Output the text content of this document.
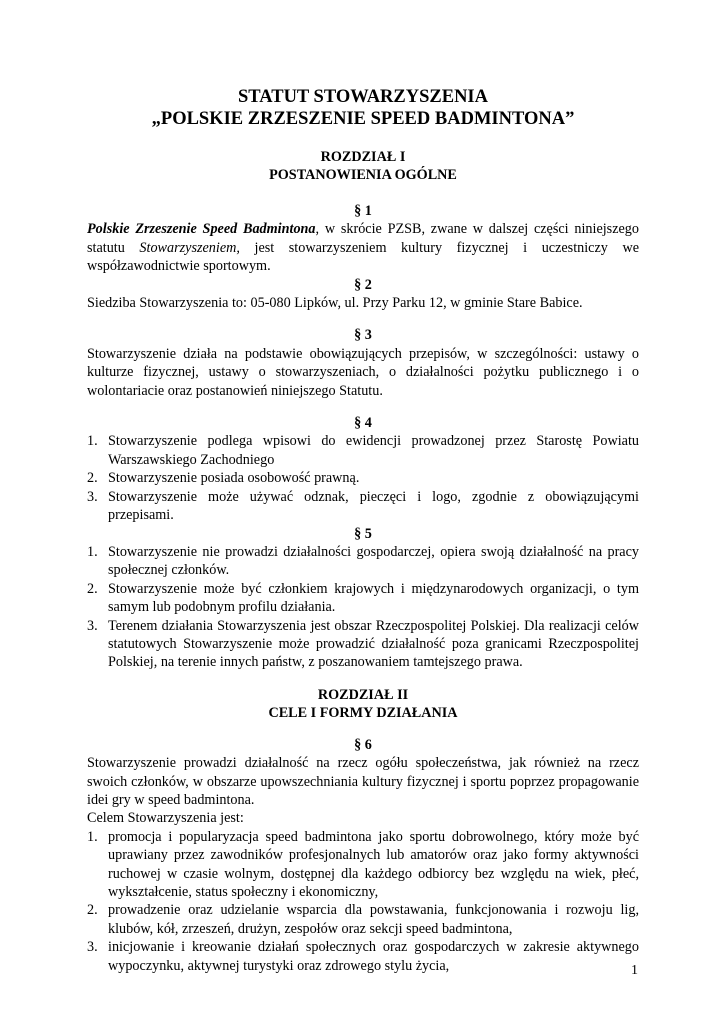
STATUT STOWARZYSZENIA

„POLSKIE ZRZESZENIE SPEED BADMINTONA”

ROZDZIAŁ I

POSTANOWIENIA OGÓLNE

§ 1

Polskie Zrzeszenie Speed Badmintona, w skrócie PZSB, zwane w dalszej części niniejszego statutu Stowarzyszeniem, jest stowarzyszeniem kultury fizycznej i uczestniczy we współzawodnictwie sportowym.

§ 2

Siedziba Stowarzyszenia to: 05-080 Lipków, ul. Przy Parku 12, w gminie Stare Babice.

§ 3

Stowarzyszenie działa na podstawie obowiązujących przepisów, w szczególności: ustawy o kulturze fizycznej, ustawy o stowarzyszeniach, o działalności pożytku publicznego i o wolontariacie oraz postanowień niniejszego Statutu.

§ 4

1. Stowarzyszenie podlega wpisowi do ewidencji prowadzonej przez Starostę Powiatu Warszawskiego Zachodniego
2. Stowarzyszenie posiada osobowość prawną.
3. Stowarzyszenie może używać odznak, pieczęci i logo, zgodnie z obowiązującymi przepisami.

§ 5

1. Stowarzyszenie nie prowadzi działalności gospodarczej, opiera swoją działalność na pracy społecznej członków.
2. Stowarzyszenie może być członkiem krajowych i międzynarodowych organizacji, o tym samym lub podobnym profilu działania.
3. Terenem działania Stowarzyszenia jest obszar Rzeczpospolitej Polskiej. Dla realizacji celów statutowych Stowarzyszenie może prowadzić działalność poza granicami Rzeczpospolitej Polskiej, na terenie innych państw, z poszanowaniem tamtejszego prawa.

ROZDZIAŁ II

CELE I FORMY DZIAŁANIA

§ 6

Stowarzyszenie prowadzi działalność na rzecz ogółu społeczeństwa, jak również na rzecz swoich członków, w obszarze upowszechniania kultury fizycznej i sportu poprzez propagowanie idei gry w speed badmintona.

Celem Stowarzyszenia jest:

1. promocja i popularyzacja speed badmintona jako sportu dobrowolnego, który może być uprawiany przez zawodników profesjonalnych lub amatorów oraz jako formy aktywności ruchowej w czasie wolnym, dostępnej dla każdego odbiorcy bez względu na wiek, płeć, wykształcenie, status społeczny i ekonomiczny,
2. prowadzenie oraz udzielanie wsparcia dla powstawania, funkcjonowania i rozwoju lig, klubów, kół, zrzeszeń, drużyn, zespołów oraz sekcji speed badmintona,
3. inicjowanie i kreowanie działań społecznych oraz gospodarczych w zakresie aktywnego wypoczynku, aktywnej turystyki oraz zdrowego stylu życia,	1
